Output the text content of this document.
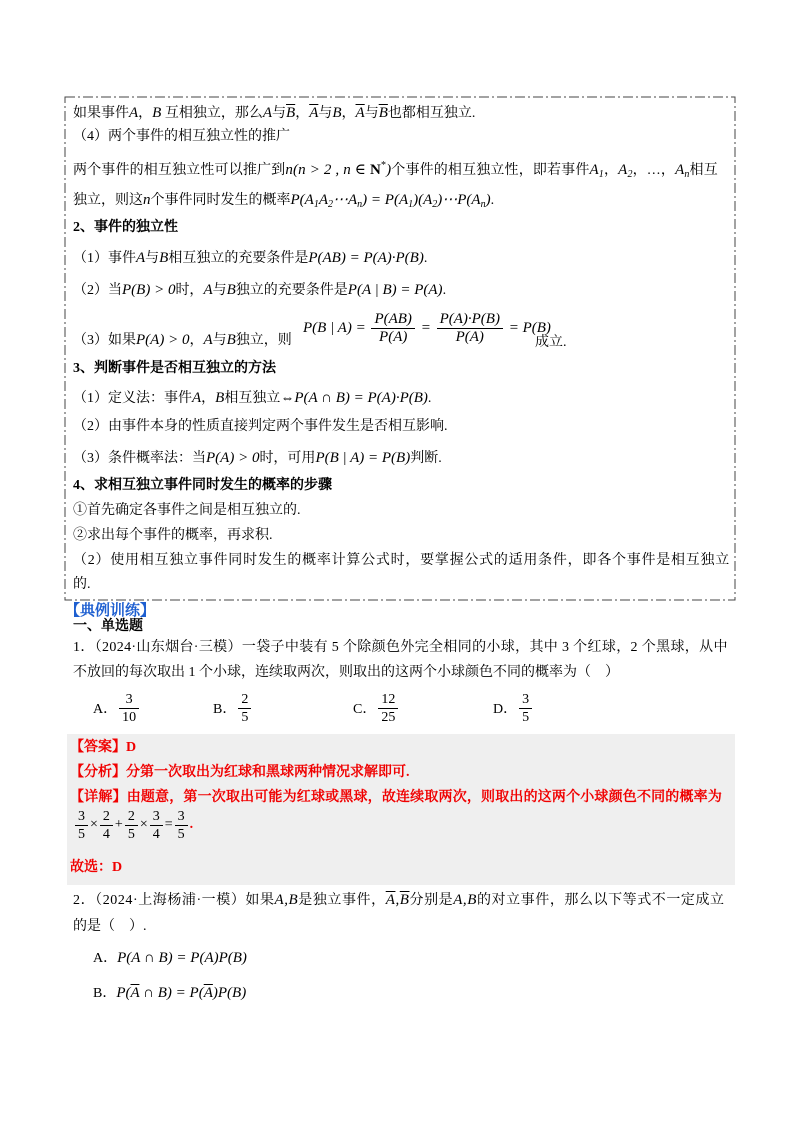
如果事件A，B 互相独立，那么A与$\overline{B}$，$\overline{A}$与B，$\overline{A}$与$\overline{B}$也都相互独立.
（4）两个事件的相互独立性的推广
两个事件的相互独立性可以推广到n(n > 2 , n ∈ N*)个事件的相互独立性，即若事件$A_1$，$A_2$，…，$A_n$相互
独立，则这n个事件同时发生的概率$P(A_1A_2\cdots A_n)$ = $P(A_1)(A_2)\cdots P(A_n)$.
2、事件的独立性
（1）事件A与B相互独立的充要条件是P(AB) = P(A)·P(B).
（2）当P(B) > 0时，A与B独立的充要条件是P(A | B) = P(A).
（3）如果P(A) > 0，A与B独立，则
P(B | $A) = \frac{P(AB)}{P(A)} = \frac{P(A)\cdot P(B)}{P(A)} = P(B)$
成立.
3、判断事件是否相互独立的方法
（1）定义法：事件A，B相互独立⇔P(A ∩ B) = P(A)·P(B).
（2）由事件本身的性质直接判定两个事件发生是否相互影响.
（3）条件概率法：当P(A) > 0时，可用P(B | A) = P(B)判断.
4、求相互独立事件同时发生的概率的步骤
①首先确定各事件之间是相互独立的.
②求出每个事件的概率，再求积.
（2）使用相互独立事件同时发生的概率计算公式时，要掌握公式的适用条件，即各个事件是相互独立
的.
【典例训练】
一、单选题
1．（2024·山东烟台·三模）一袋子中装有 5 个除颜色外完全相同的小球，其中 3 个红球，2 个黑球，从中
不放回的每次取出 1 个小球，连续取两次，则取出的这两个小球颜色不同的概率为（　）
A． $\frac{3}{10}$	B． $\frac{2}{5}$	C． $\frac{12}{25}$	D． $\frac{3}{5}$
【答案】D
【分析】分第一次取出为红球和黑球两种情况求解即可.
【详解】由题意，第一次取出可能为红球或黑球，故连续取两次，则取出的这两个小球颜色不同的概率为
$\frac{3}{5} \times \frac{2}{4} + \frac{2}{5} \times \frac{3}{4} = \frac{3}{5}$ .
故选：D
2．（2024·上海杨浦·一模）如果A,B是独立事件，$\overline{A},\overline{B}$分别是A,B的对立事件，那么以下等式不一定成立
的是（　）.
A．P(A ∩ B) = P(A)P(B)
B．$P(\overline{A}$ ∩ $B) = P(\overline{A})P(B)$
